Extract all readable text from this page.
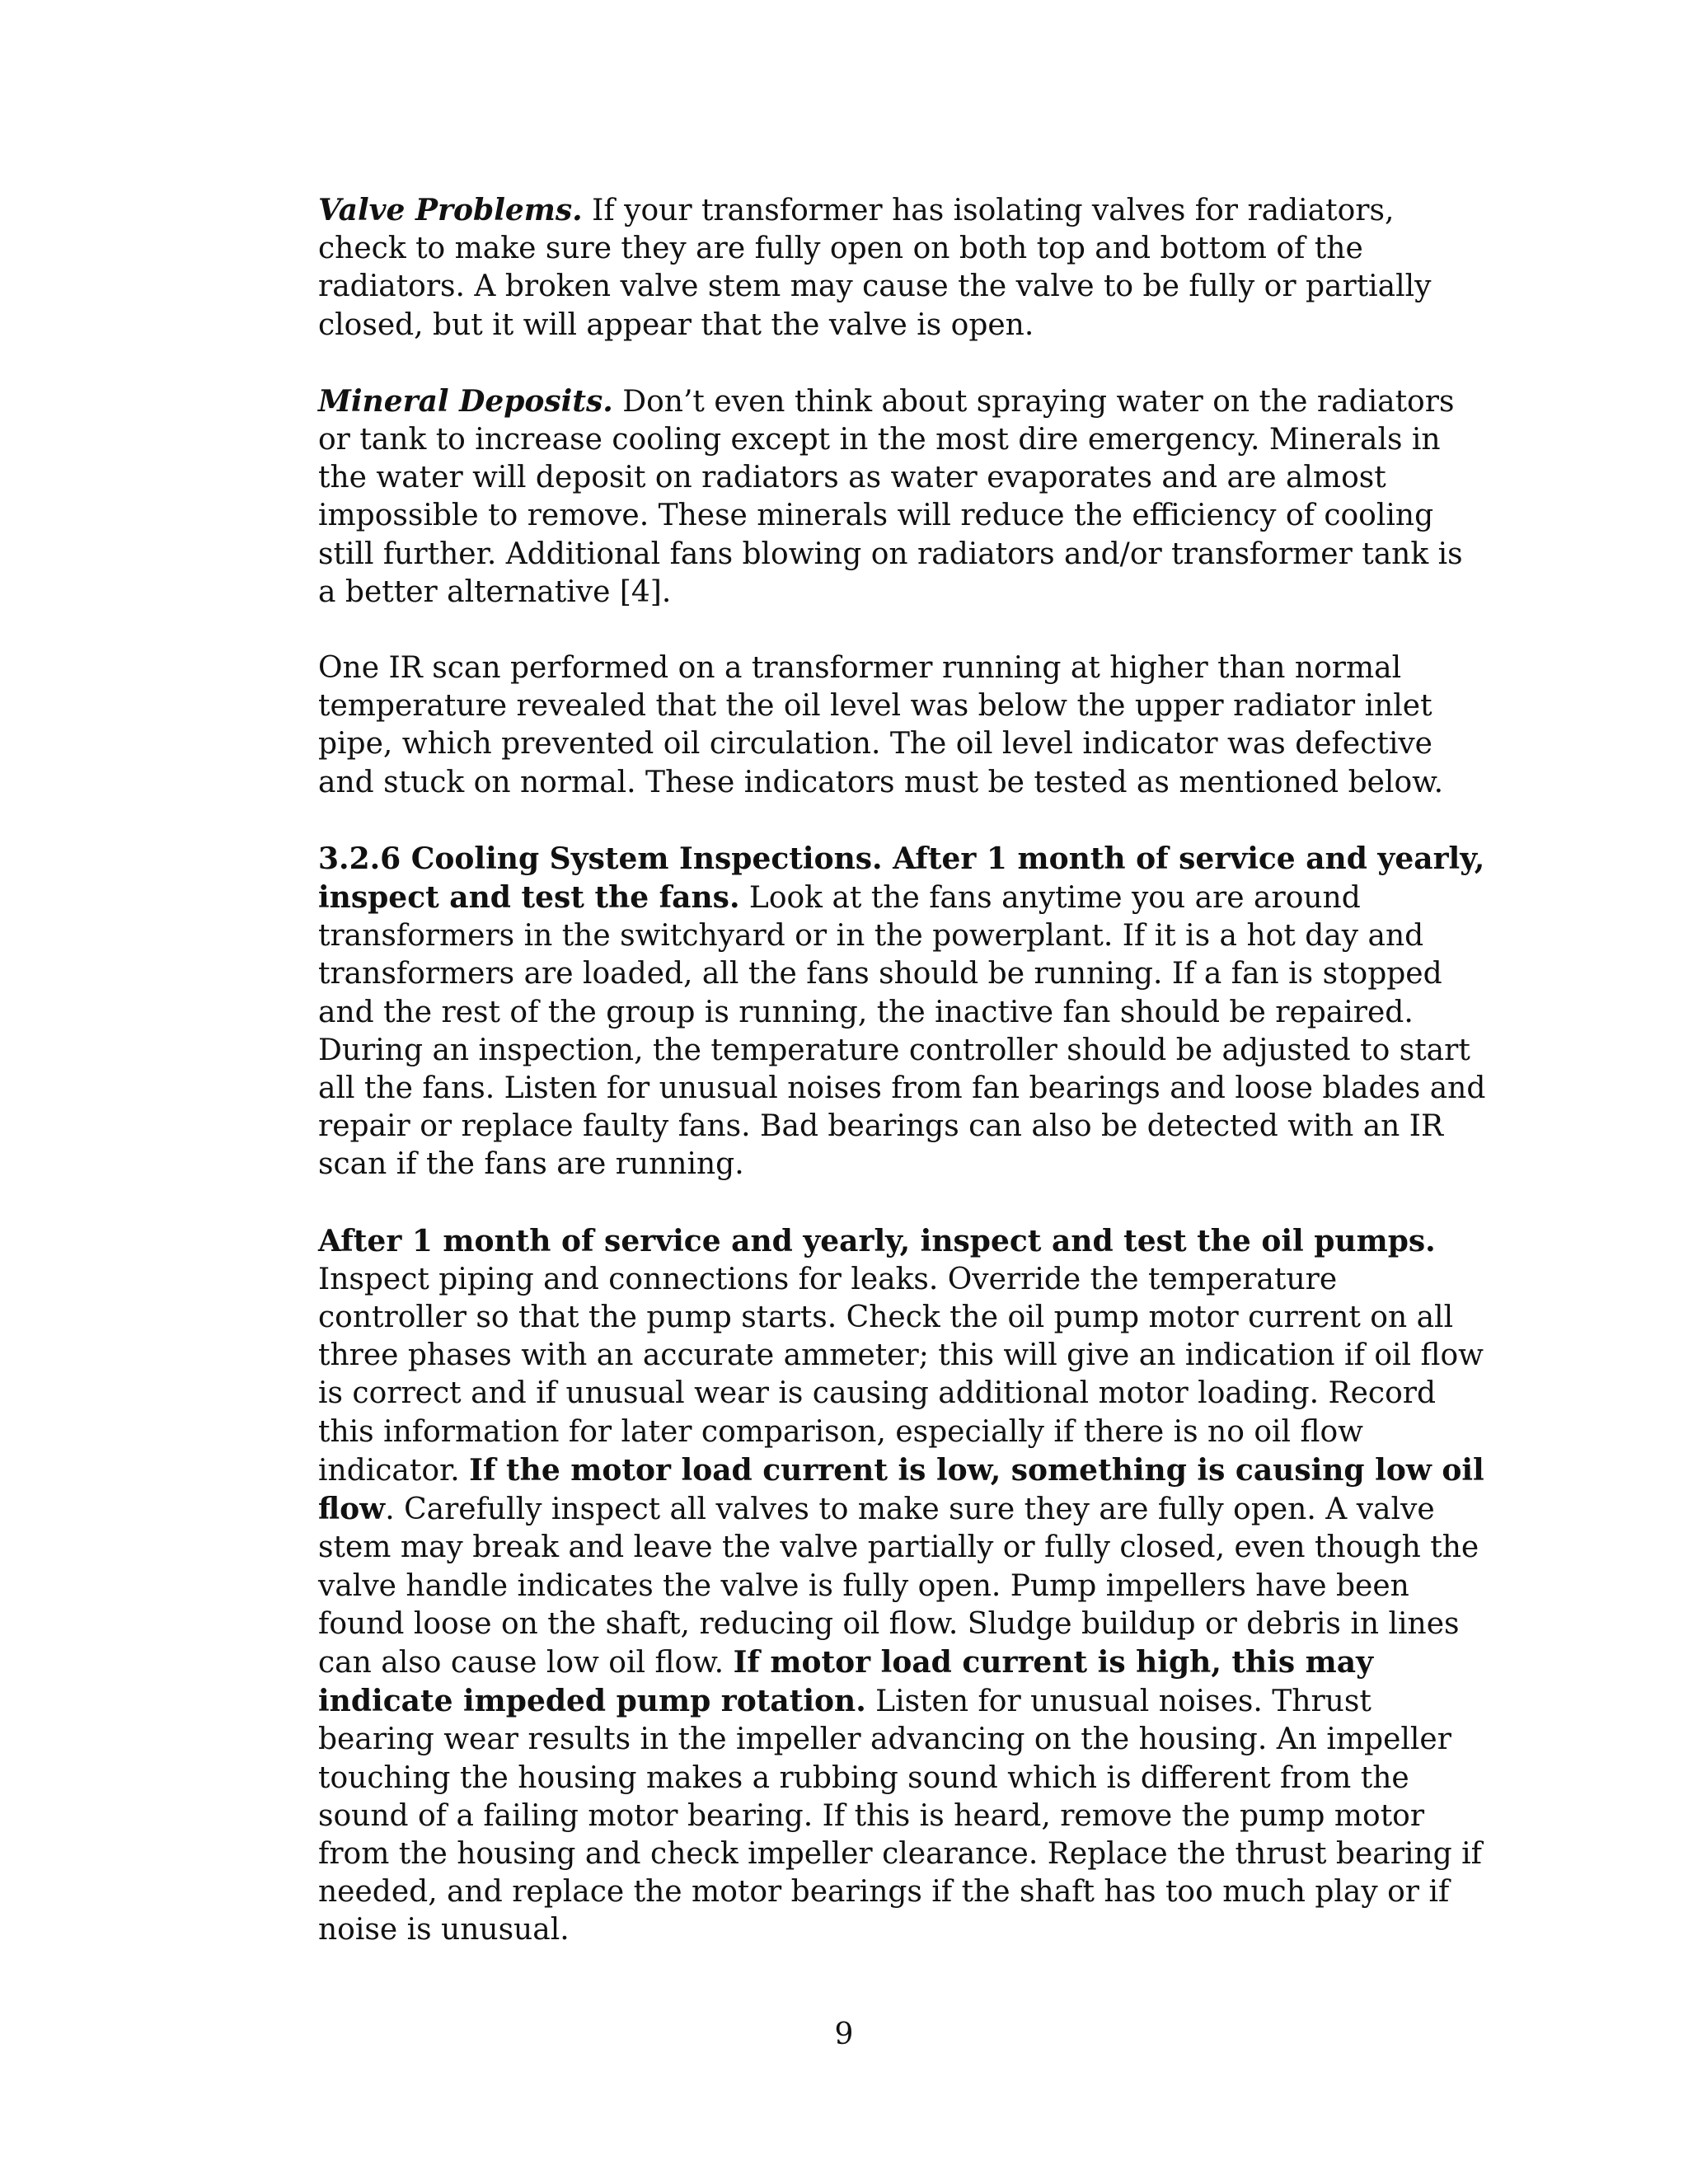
Valve Problems. If your transformer has isolating valves for radiators, check to make sure they are fully open on both top and bottom of the radiators. A broken valve stem may cause the valve to be fully or partially closed, but it will appear that the valve is open.

Mineral Deposits. Don’t even think about spraying water on the radiators or tank to increase cooling except in the most dire emergency. Minerals in the water will deposit on radiators as water evaporates and are almost impossible to remove. These minerals will reduce the efficiency of cooling still further. Additional fans blowing on radiators and/or transformer tank is a better alternative [4].

One IR scan performed on a transformer running at higher than normal temperature revealed that the oil level was below the upper radiator inlet pipe, which prevented oil circulation. The oil level indicator was defective and stuck on normal. These indicators must be tested as mentioned below.

3.2.6 Cooling System Inspections. After 1 month of service and yearly, inspect and test the fans. Look at the fans anytime you are around transformers in the switchyard or in the powerplant. If it is a hot day and transformers are loaded, all the fans should be running. If a fan is stopped and the rest of the group is running, the inactive fan should be repaired. During an inspection, the temperature controller should be adjusted to start all the fans. Listen for unusual noises from fan bearings and loose blades and repair or replace faulty fans. Bad bearings can also be detected with an IR scan if the fans are running.

After 1 month of service and yearly, inspect and test the oil pumps. Inspect piping and connections for leaks. Override the temperature controller so that the pump starts. Check the oil pump motor current on all three phases with an accurate ammeter; this will give an indication if oil flow is correct and if unusual wear is causing additional motor loading. Record this information for later comparison, especially if there is no oil flow indicator. If the motor load current is low, something is causing low oil flow. Carefully inspect all valves to make sure they are fully open. A valve stem may break and leave the valve partially or fully closed, even though the valve handle indicates the valve is fully open. Pump impellers have been found loose on the shaft, reducing oil flow. Sludge buildup or debris in lines can also cause low oil flow. If motor load current is high, this may indicate impeded pump rotation. Listen for unusual noises. Thrust bearing wear results in the impeller advancing on the housing. An impeller touching the housing makes a rubbing sound which is different from the sound of a failing motor bearing. If this is heard, remove the pump motor from the housing and check impeller clearance. Replace the thrust bearing if needed, and replace the motor bearings if the shaft has too much play or if noise is unusual.

9
